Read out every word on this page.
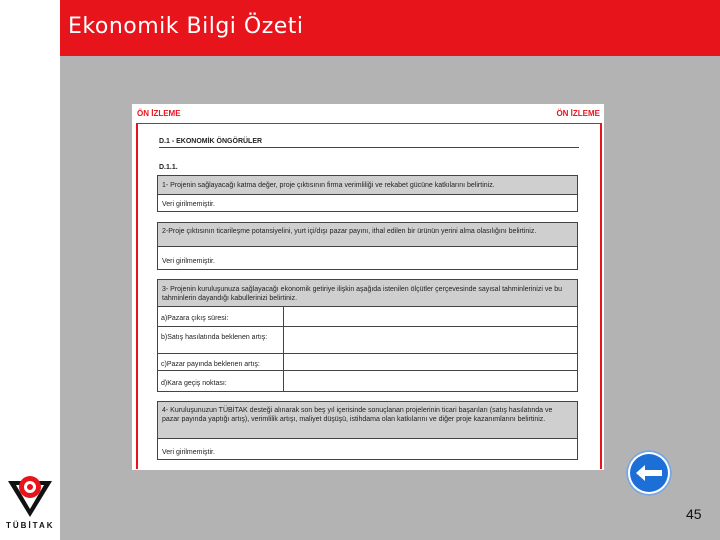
TÜBİTAK
Ekonomik Bilgi Özeti
ÖN İZLEME	ÖN İZLEME
D.1 - EKONOMİK ÖNGÖRÜLER
D.1.1.
1- Projenin sağlayacağı katma değer, proje çıktısının firma verimliliği ve rekabet gücüne katkılarını belirtiniz.
Veri girilmemiştir.
2-Proje çıktısının ticarileşme potansiyelini, yurt içi/dışı pazar payını, ithal edilen bir ürünün yerini alma olasılığını belirtiniz.
Veri girilmemiştir.
3- Projenin kuruluşunuza sağlayacağı ekonomik getiriye ilişkin aşağıda istenilen ölçütler çerçevesinde sayısal tahminlerinizi ve bu tahminlerin dayandığı kabullerinizi belirtiniz.
a)Pazara çıkış süresi:
b)Satış hasılatında beklenen artış:
c)Pazar payında beklenen artış:
d)Kara geçiş noktası:
4- Kuruluşunuzun TÜBİTAK desteği alınarak son beş yıl içerisinde sonuçlanan projelerinin ticari başarıları (satış hasılatında ve pazar payında yaptığı artış), verimlilik artışı, maliyet düşüşü, istihdama olan katkılarını ve diğer proje kazanımlarını belirtiniz.
Veri girilmemiştir.
45
